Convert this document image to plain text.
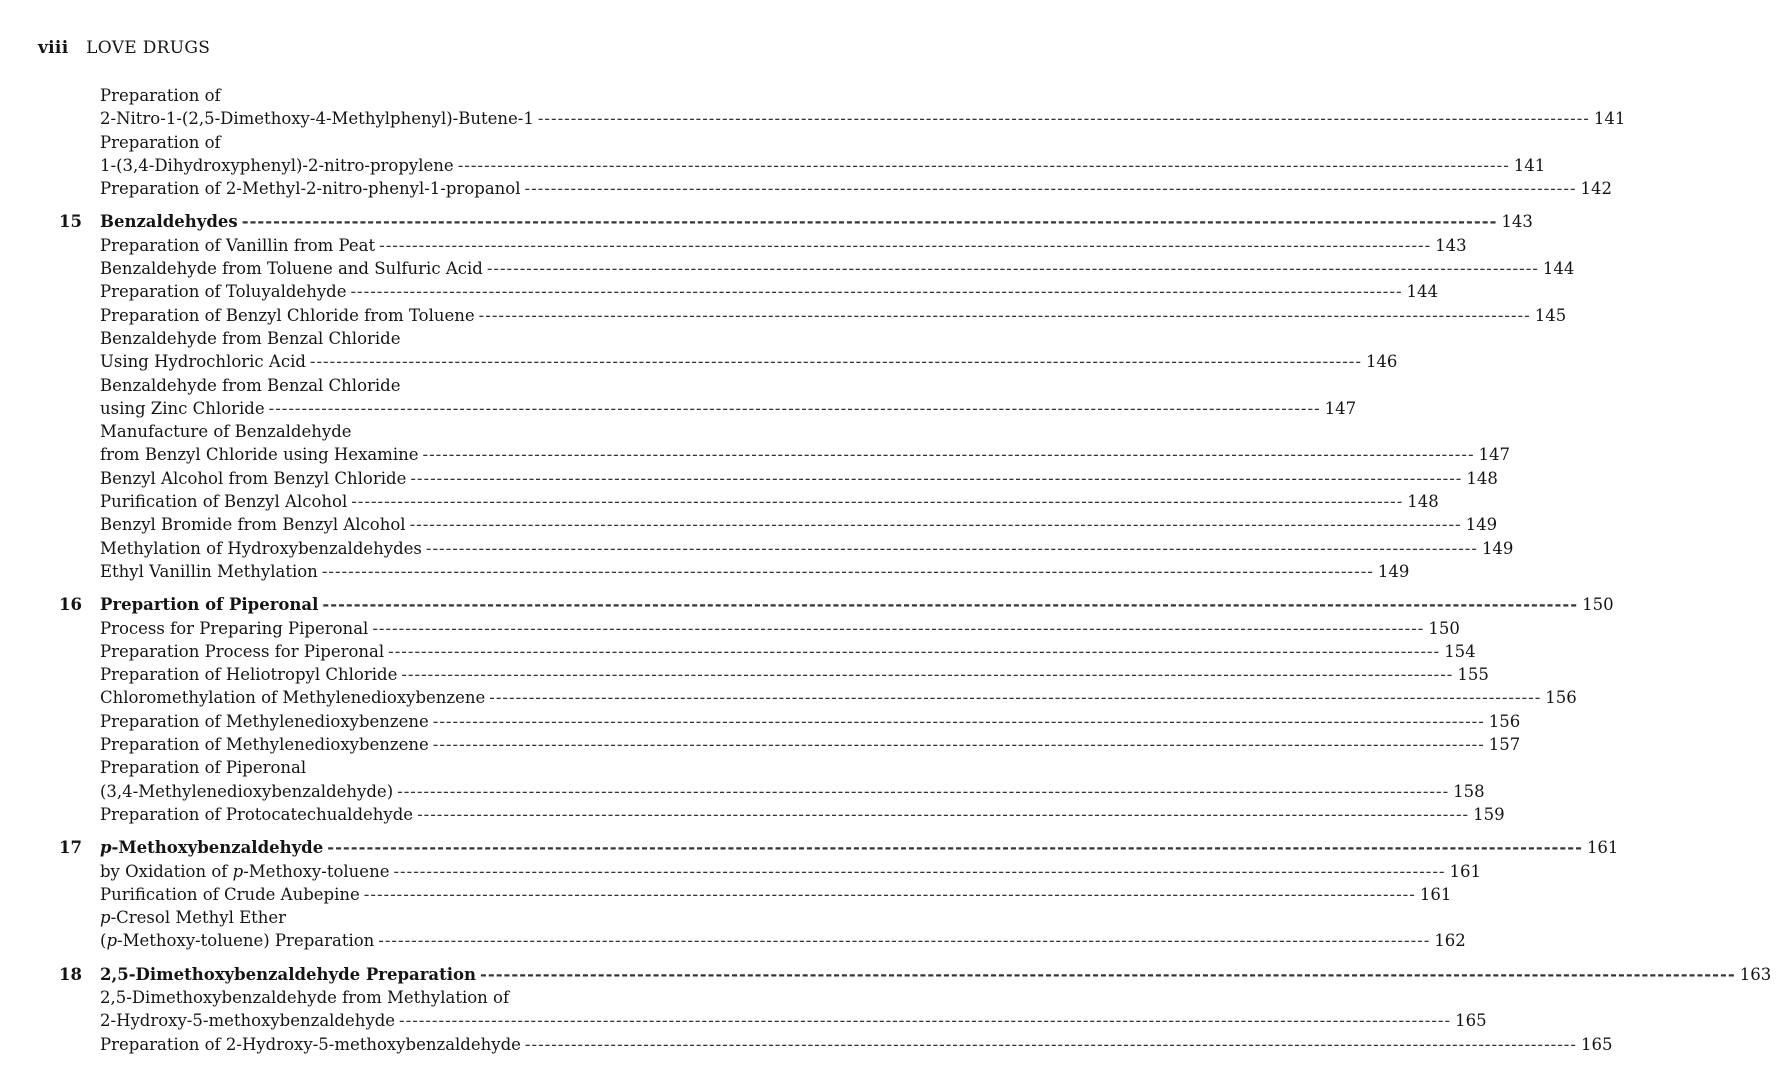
viii LOVE DRUGS
Preparation of
2-Nitro-1-(2,5-Dimethoxy-4-Methylphenyl)-Butene-1 ---------------------------------------------------------------------------------------------------------------------------------------------------------------- 141
Preparation of
1-(3,4-Dihydroxyphenyl)-2-nitro-propylene ---------------------------------------------------------------------------------------------------------------------------------------------------------------- 141
Preparation of 2-Methyl-2-nitro-phenyl-1-propanol ---------------------------------------------------------------------------------------------------------------------------------------------------------------- 142
15	Benzaldehydes ---------------------------------------------------------------------------------------------------------------------------------------------------------------- 143
Preparation of Vanillin from Peat ---------------------------------------------------------------------------------------------------------------------------------------------------------------- 143
Benzaldehyde from Toluene and Sulfuric Acid ---------------------------------------------------------------------------------------------------------------------------------------------------------------- 144
Preparation of Toluyaldehyde ---------------------------------------------------------------------------------------------------------------------------------------------------------------- 144
Preparation of Benzyl Chloride from Toluene ---------------------------------------------------------------------------------------------------------------------------------------------------------------- 145
Benzaldehyde from Benzal Chloride
Using Hydrochloric Acid ---------------------------------------------------------------------------------------------------------------------------------------------------------------- 146
Benzaldehyde from Benzal Chloride
using Zinc Chloride ---------------------------------------------------------------------------------------------------------------------------------------------------------------- 147
Manufacture of Benzaldehyde
from Benzyl Chloride using Hexamine ---------------------------------------------------------------------------------------------------------------------------------------------------------------- 147
Benzyl Alcohol from Benzyl Chloride ---------------------------------------------------------------------------------------------------------------------------------------------------------------- 148
Purification of Benzyl Alcohol ---------------------------------------------------------------------------------------------------------------------------------------------------------------- 148
Benzyl Bromide from Benzyl Alcohol ---------------------------------------------------------------------------------------------------------------------------------------------------------------- 149
Methylation of Hydroxybenzaldehydes ---------------------------------------------------------------------------------------------------------------------------------------------------------------- 149
Ethyl Vanillin Methylation ---------------------------------------------------------------------------------------------------------------------------------------------------------------- 149
16	Prepartion of Piperonal ---------------------------------------------------------------------------------------------------------------------------------------------------------------- 150
Process for Preparing Piperonal ---------------------------------------------------------------------------------------------------------------------------------------------------------------- 150
Preparation Process for Piperonal ---------------------------------------------------------------------------------------------------------------------------------------------------------------- 154
Preparation of Heliotropyl Chloride ---------------------------------------------------------------------------------------------------------------------------------------------------------------- 155
Chloromethylation of Methylenedioxybenzene ---------------------------------------------------------------------------------------------------------------------------------------------------------------- 156
Preparation of Methylenedioxybenzene ---------------------------------------------------------------------------------------------------------------------------------------------------------------- 156
Preparation of Methylenedioxybenzene ---------------------------------------------------------------------------------------------------------------------------------------------------------------- 157
Preparation of Piperonal
(3,4-Methylenedioxybenzaldehyde) ---------------------------------------------------------------------------------------------------------------------------------------------------------------- 158
Preparation of Protocatechualdehyde ---------------------------------------------------------------------------------------------------------------------------------------------------------------- 159
17	p-Methoxybenzaldehyde ---------------------------------------------------------------------------------------------------------------------------------------------------------------- 161
by Oxidation of p-Methoxy-toluene ---------------------------------------------------------------------------------------------------------------------------------------------------------------- 161
Purification of Crude Aubepine ---------------------------------------------------------------------------------------------------------------------------------------------------------------- 161
p-Cresol Methyl Ether
(p-Methoxy-toluene) Preparation ---------------------------------------------------------------------------------------------------------------------------------------------------------------- 162
18	2,5-Dimethoxybenzaldehyde Preparation ---------------------------------------------------------------------------------------------------------------------------------------------------------------- 163
2,5-Dimethoxybenzaldehyde from Methylation of
2-Hydroxy-5-methoxybenzaldehyde ---------------------------------------------------------------------------------------------------------------------------------------------------------------- 165
Preparation of 2-Hydroxy-5-methoxybenzaldehyde ---------------------------------------------------------------------------------------------------------------------------------------------------------------- 165
